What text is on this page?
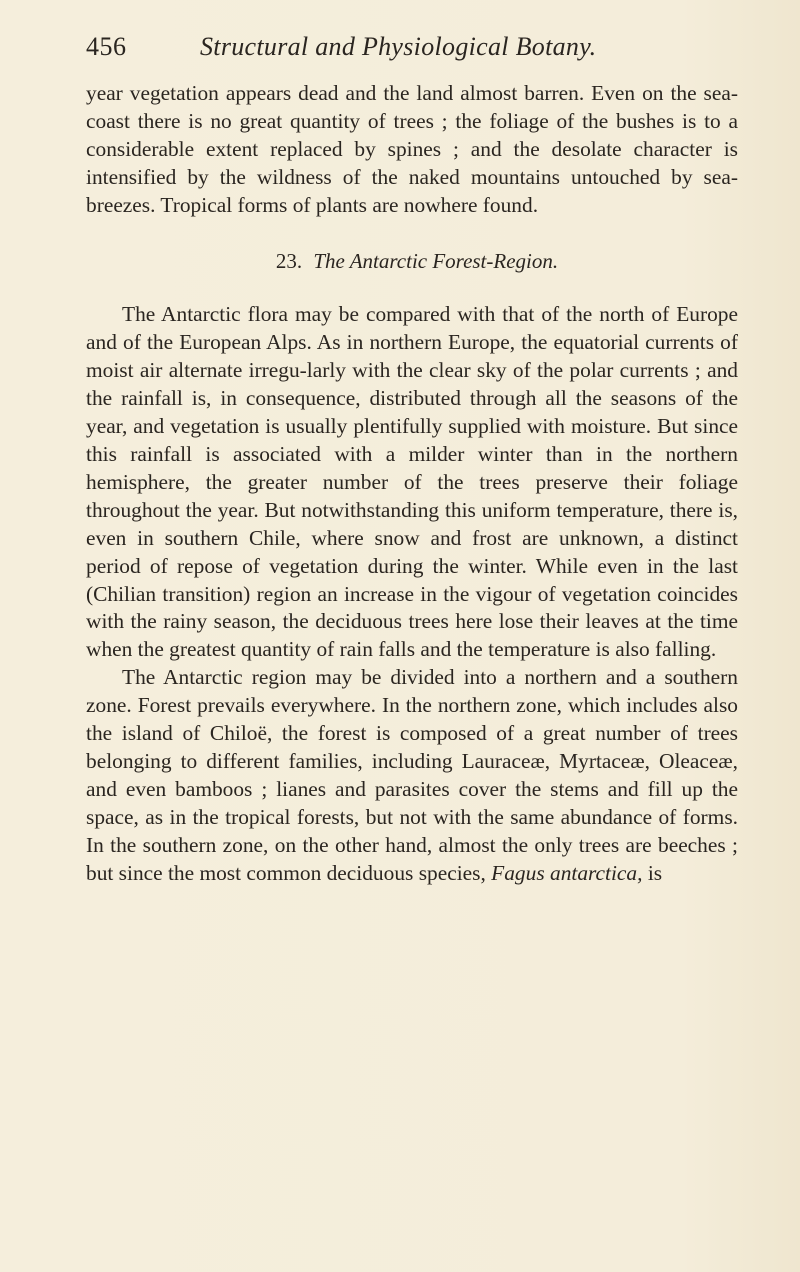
456	Structural and Physiological Botany.

year vegetation appears dead and the land almost barren. Even on the sea-coast there is no great quantity of trees ; the foliage of the bushes is to a considerable extent replaced by spines ; and the desolate character is intensified by the wildness of the naked mountains untouched by sea-breezes. Tropical forms of plants are nowhere found.

23. The Antarctic Forest-Region.

The Antarctic flora may be compared with that of the north of Europe and of the European Alps. As in northern Europe, the equatorial currents of moist air alternate irregu-larly with the clear sky of the polar currents ; and the rainfall is, in consequence, distributed through all the seasons of the year, and vegetation is usually plentifully supplied with moisture. But since this rainfall is associated with a milder winter than in the northern hemisphere, the greater number of the trees preserve their foliage throughout the year. But notwithstanding this uniform temperature, there is, even in southern Chile, where snow and frost are unknown, a distinct period of repose of vegetation during the winter. While even in the last (Chilian transition) region an increase in the vigour of vegetation coincides with the rainy season, the deciduous trees here lose their leaves at the time when the greatest quantity of rain falls and the temperature is also falling.

The Antarctic region may be divided into a northern and a southern zone. Forest prevails everywhere. In the northern zone, which includes also the island of Chiloë, the forest is composed of a great number of trees belonging to different families, including Lauraceæ, Myrtaceæ, Oleaceæ, and even bamboos ; lianes and parasites cover the stems and fill up the space, as in the tropical forests, but not with the same abundance of forms. In the southern zone, on the other hand, almost the only trees are beeches ; but since the most common deciduous species, Fagus antarctica, is
